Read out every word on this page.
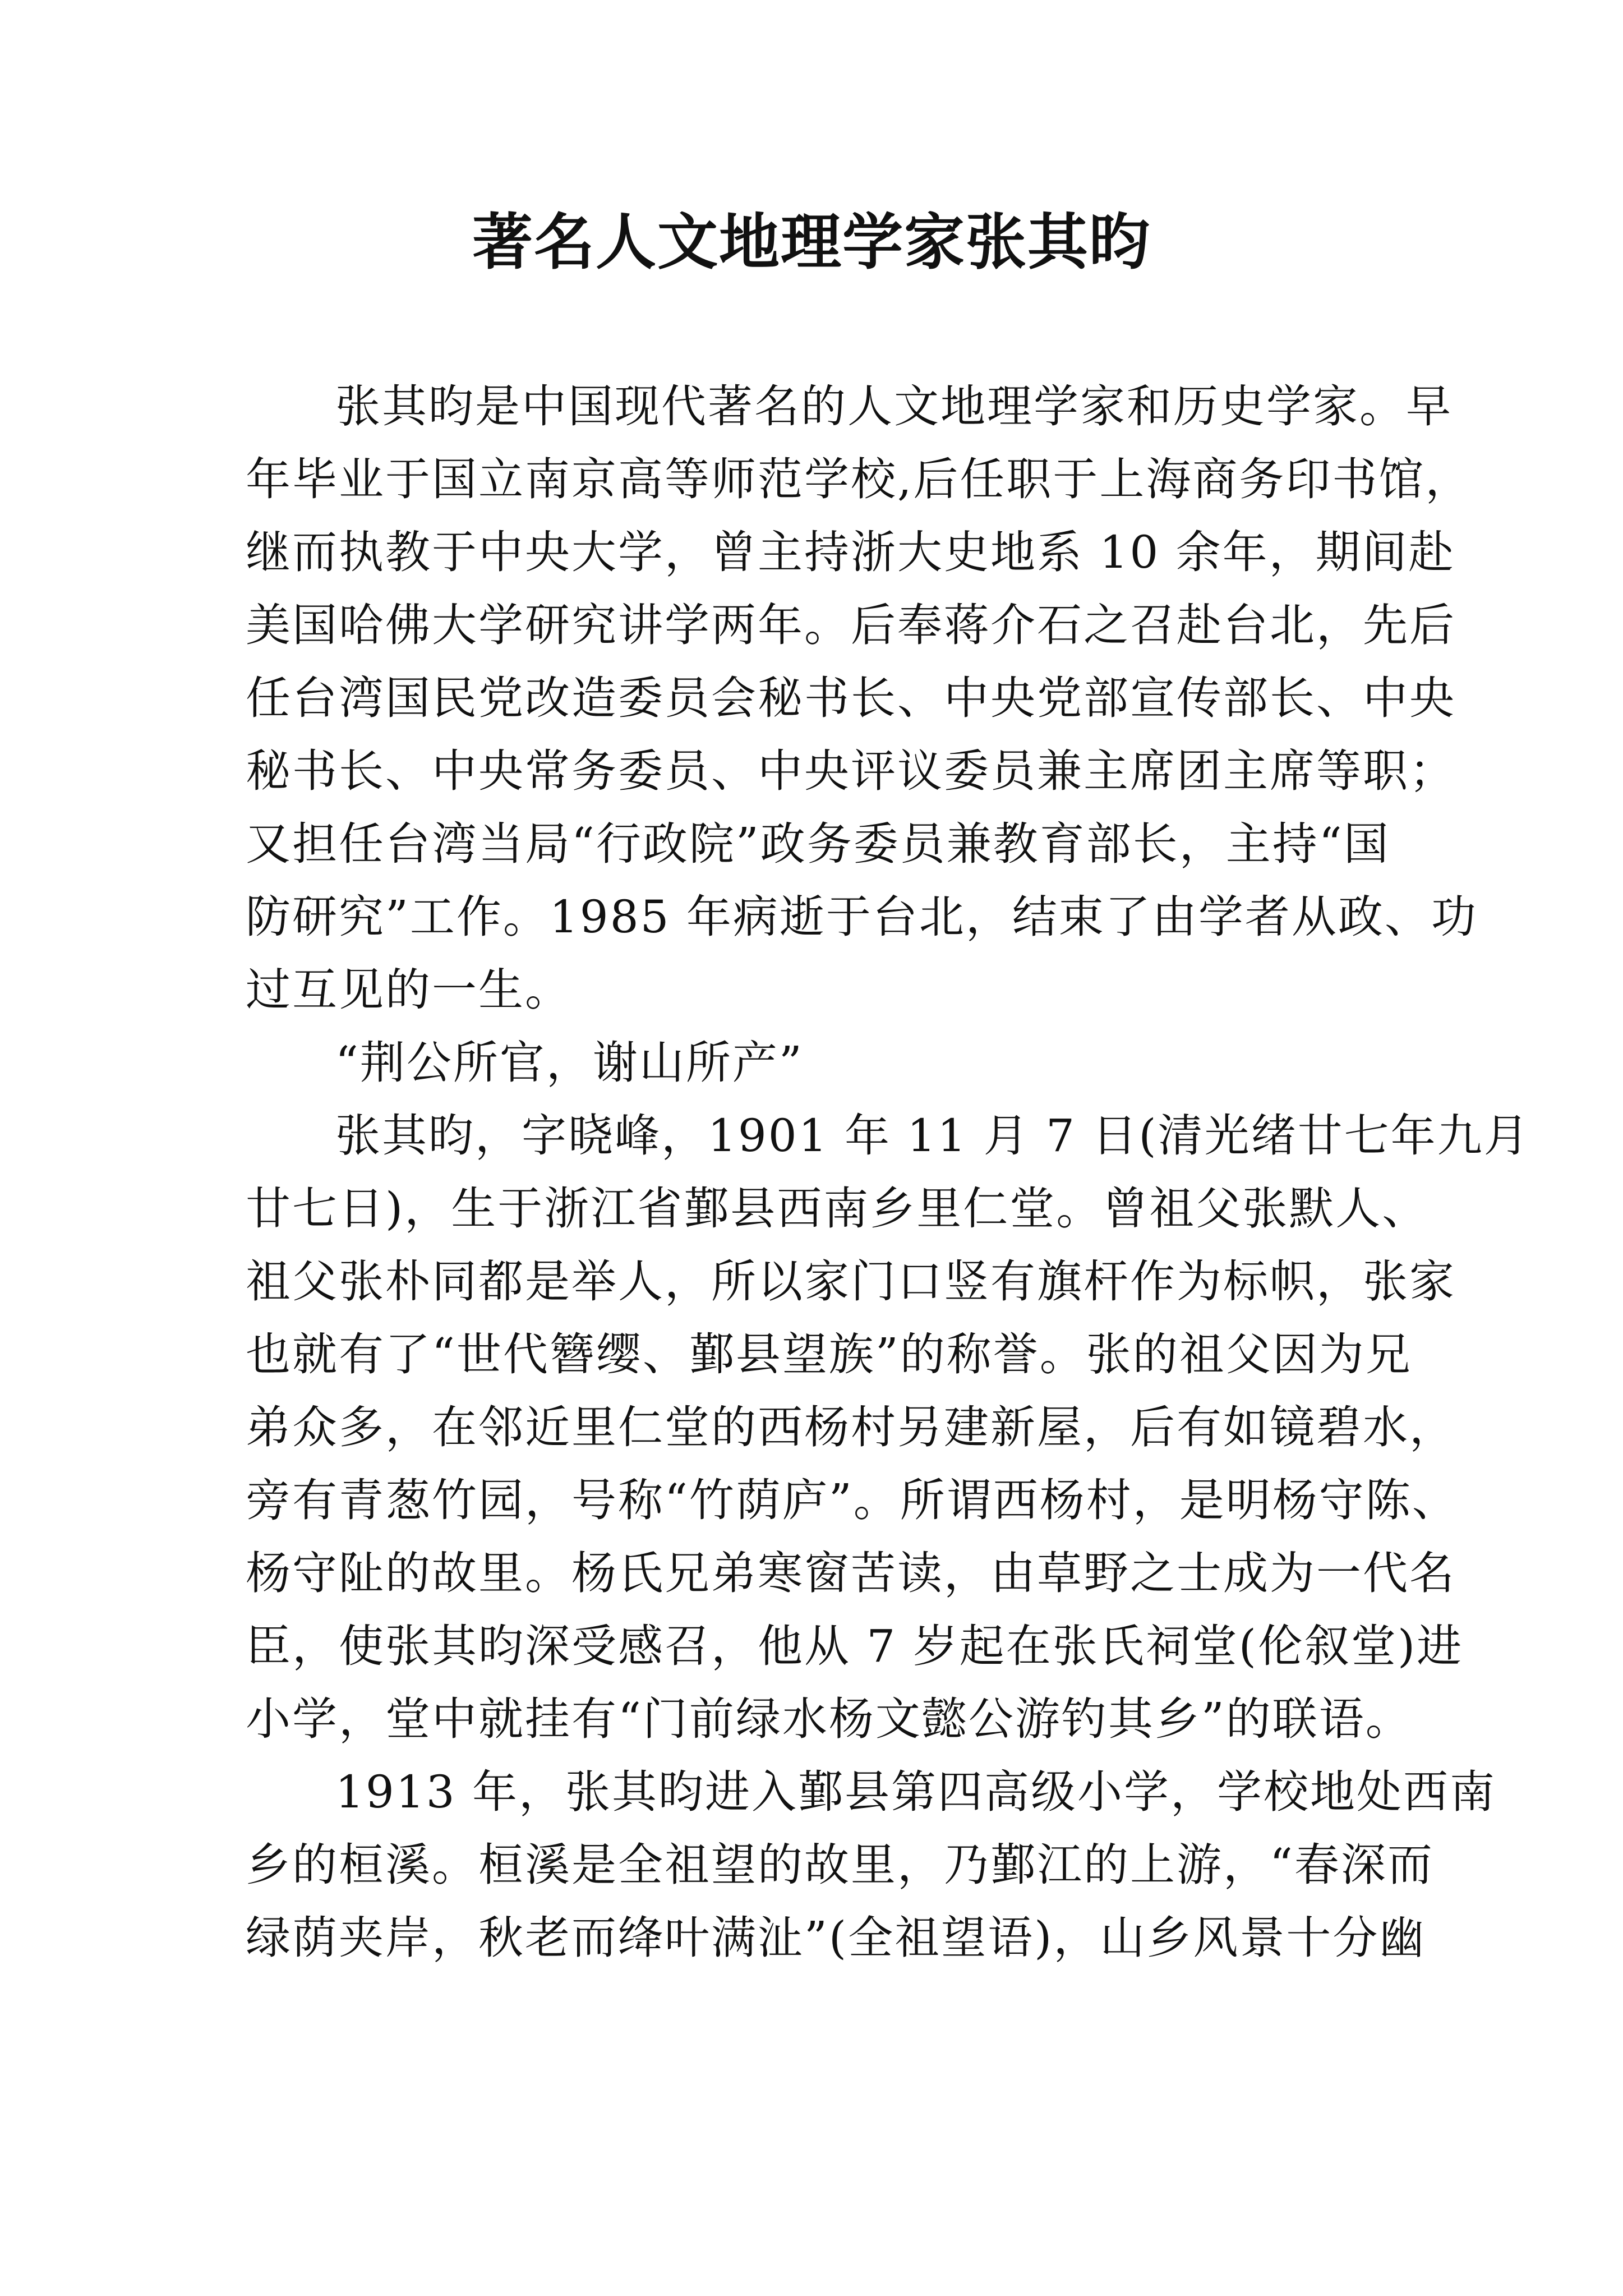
著名人文地理学家张其昀
张其昀是中国现代著名的人文地理学家和历史学家。早
年毕业于国立南京高等师范学校,后任职于上海商务印书馆，
继而执教于中央大学，曾主持浙大史地系 10 余年，期间赴
美国哈佛大学研究讲学两年。后奉蒋介石之召赴台北，先后
任台湾国民党改造委员会秘书长、中央党部宣传部长、中央
秘书长、中央常务委员、中央评议委员兼主席团主席等职；
又担任台湾当局“行政院”政务委员兼教育部长，主持“国
防研究”工作。1985 年病逝于台北，结束了由学者从政、功
过互见的一生。
“荆公所官，谢山所产”
张其昀，字晓峰，1901 年 11 月 7 日(清光绪廿七年九月
廿七日)，生于浙江省鄞县西南乡里仁堂。曾祖父张默人、
祖父张朴同都是举人，所以家门口竖有旗杆作为标帜，张家
也就有了“世代簪缨、鄞县望族”的称誉。张的祖父因为兄
弟众多，在邻近里仁堂的西杨村另建新屋，后有如镜碧水，
旁有青葱竹园，号称“竹荫庐”。所谓西杨村，是明杨守陈、
杨守阯的故里。杨氏兄弟寒窗苦读，由草野之士成为一代名
臣，使张其昀深受感召，他从 7 岁起在张氏祠堂(伦叙堂)进
小学，堂中就挂有“门前绿水杨文懿公游钓其乡”的联语。
1913 年，张其昀进入鄞县第四高级小学，学校地处西南
乡的桓溪。桓溪是全祖望的故里，乃鄞江的上游，“春深而
绿荫夹岸，秋老而绛叶满沚”(全祖望语)，山乡风景十分幽
